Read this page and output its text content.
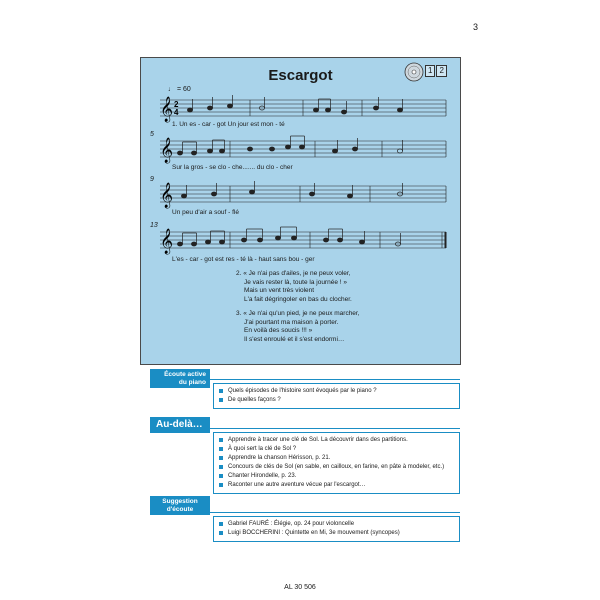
3
Escargot	1 2
♩ = 60
𝄞 2
4
1. Un es - car - got Un jour est mon - té
5
𝄞
Sur la gros - se clo - che....... du clo - cher
9
𝄞
Un peu d'air a souf - flé
13
𝄞
L'es - car - got est res - té là - haut sans bou - ger
2. « Je n'ai pas d'ailes, je ne peux voler,
Je vais rester là, toute la journée ! »
Mais un vent très violent
L'a fait dégringoler en bas du clocher.
3. « Je n'ai qu'un pied, je ne peux marcher,
J'ai pourtant ma maison à porter.
En voilà des soucis !!! »
Il s'est enroulé et il s'est endormi…
Écoute active
du piano
Quels épisodes de l'histoire sont évoqués par le piano ?
De quelles façons ?
Au-delà…
Apprendre à tracer une clé de Sol. La découvrir dans des partitions.
À quoi sert la clé de Sol ?
Apprendre la chanson Hérisson, p. 21.
Concours de clés de Sol (en sable, en cailloux, en farine, en pâte à modeler, etc.)
Chanter Hirondelle, p. 23.
Raconter une autre aventure vécue par l'escargot…
Suggestion
d'écoute
Gabriel FAURÉ : Élégie, op. 24 pour violoncelle
Luigi BOCCHERINI : Quintette en Mi, 3e mouvement (syncopes)
AL 30 506
